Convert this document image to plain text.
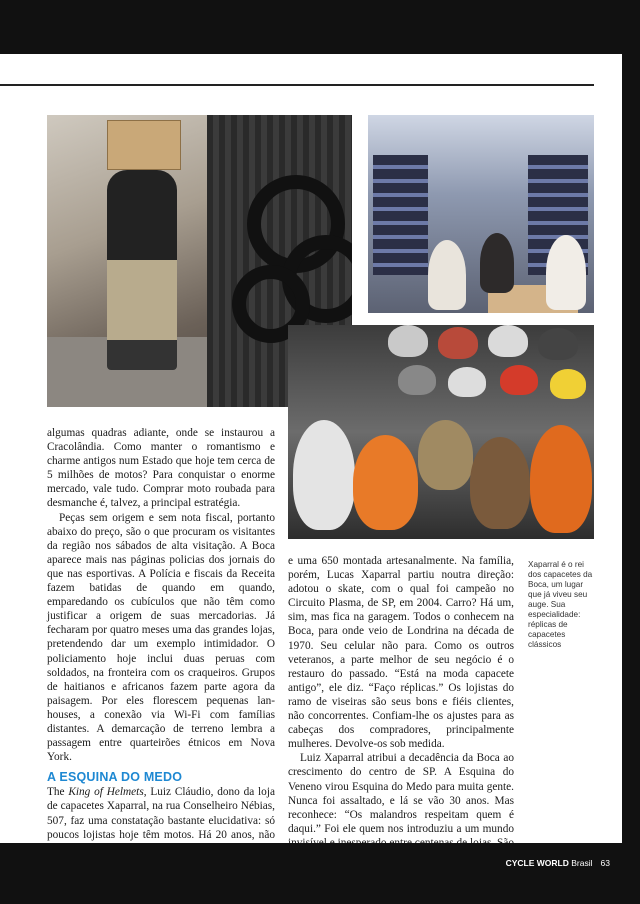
algumas quadras adiante, onde se instaurou a Cracolândia. Como manter o romantismo e charme antigos num Estado que hoje tem cerca de 5 milhões de motos? Para conquistar o enorme mercado, vale tudo. Comprar moto roubada para desmanche é, talvez, a principal estratégia.

Peças sem origem e sem nota fiscal, portanto abaixo do preço, são o que procuram os visitantes da região nos sábados de alta visitação. A Boca aparece mais nas páginas policias dos jornais do que nas esportivas. A Polícia e fiscais da Receita fazem batidas de quando em quando, emparedando os cubículos que não têm como justificar a origem de suas mercadorias. Já fecharam por quatro meses uma das grandes lojas, pretendendo dar um exemplo intimidador. O policiamento hoje inclui duas peruas com soldados, na fronteira com os craqueiros. Grupos de haitianos e africanos fazem parte agora da paisagem. Por eles florescem pequenas lan-houses, a conexão via Wi-Fi com famílias distantes. A demarcação de terreno lembra a passagem entre quarteirões étnicos em Nova York.

A ESQUINA DO MEDO

The King of Helmets, Luiz Cláudio, dono da loja de capacetes Xaparral, na rua Conselheiro Nébias, 507, faz uma constatação bastante elucidativa: só poucos lojistas hoje têm motos. Há 20 anos, não

e uma 650 montada artesanalmente. Na família, porém, Lucas Xaparral partiu noutra direção: adotou o skate, com o qual foi campeão no Circuito Plasma, de SP, em 2004. Carro? Há um, sim, mas fica na garagem. Todos o conhecem na Boca, para onde veio de Londrina na década de 1970. Seu celular não para. Como os outros veteranos, a parte melhor de seu negócio é o restauro do passado. “Está na moda capacete antigo”, ele diz. “Faço réplicas.” Os lojistas do ramo de viseiras são seus bons e fiéis clientes, não concorrentes. Confiam-lhe os ajustes para as cabeças dos compradores, principalmente mulheres. Devolve-os sob medida.

Luiz Xaparral atribui a decadência da Boca ao crescimento do centro de SP. A Esquina do Veneno virou Esquina do Medo para muita gente. Nunca foi assaltado, e lá se vão 30 anos. Mas reconhece: “Os malandros respeitam quem é daqui.” Foi ele quem nos introduziu a um mundo

Xaparral é o rei dos capacetes da Boca, um lugar que já viveu seu auge. Sua especialidade: réplicas de capacetes clássicos
CYCLE WORLD Brasil 63
